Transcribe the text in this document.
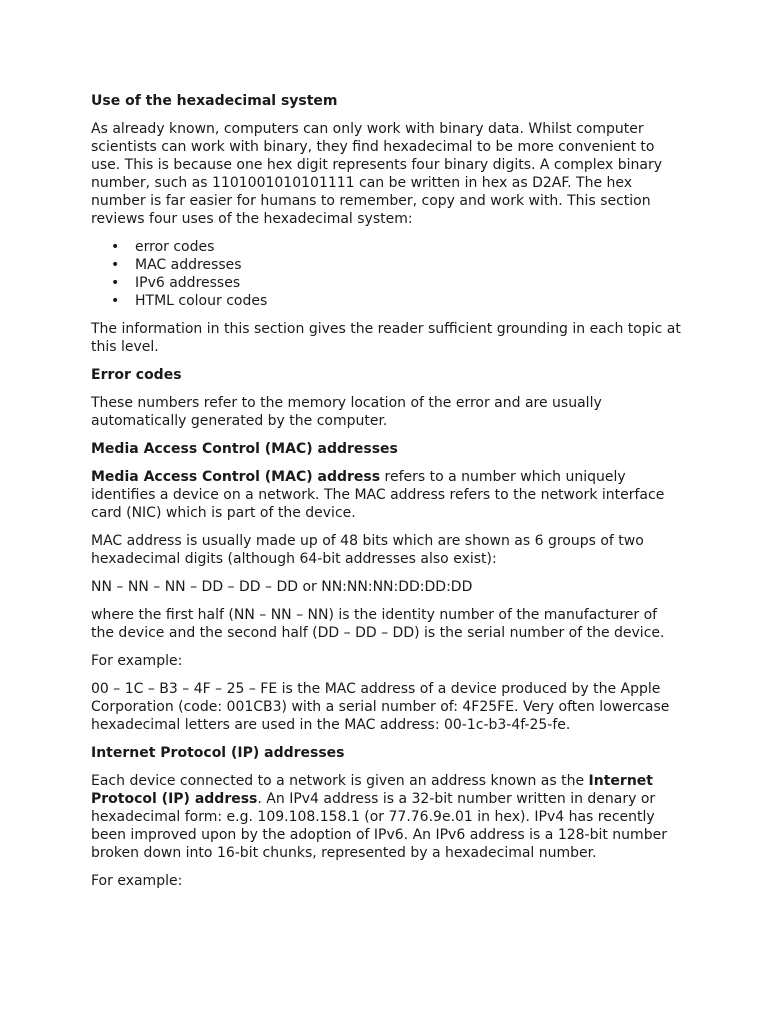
Use of the hexadecimal system

As already known, computers can only work with binary data. Whilst computer scientists can work with binary, they find hexadecimal to be more convenient to use. This is because one hex digit represents four binary digits. A complex binary number, such as 1101001010101111 can be written in hex as D2AF. The hex number is far easier for humans to remember, copy and work with. This section reviews four uses of the hexadecimal system:

• error codes
• MAC addresses
• IPv6 addresses
• HTML colour codes

The information in this section gives the reader sufficient grounding in each topic at this level.

Error codes

These numbers refer to the memory location of the error and are usually automatically generated by the computer.

Media Access Control (MAC) addresses

Media Access Control (MAC) address refers to a number which uniquely identifies a device on a network. The MAC address refers to the network interface card (NIC) which is part of the device.

MAC address is usually made up of 48 bits which are shown as 6 groups of two hexadecimal digits (although 64-bit addresses also exist):

NN – NN – NN – DD – DD – DD or NN:NN:NN:DD:DD:DD

where the first half (NN – NN – NN) is the identity number of the manufacturer of the device and the second half (DD – DD – DD) is the serial number of the device.

For example:

00 – 1C – B3 – 4F – 25 – FE is the MAC address of a device produced by the Apple Corporation (code: 001CB3) with a serial number of: 4F25FE. Very often lowercase hexadecimal letters are used in the MAC address: 00-1c-b3-4f-25-fe.

Internet Protocol (IP) addresses

Each device connected to a network is given an address known as the Internet Protocol (IP) address. An IPv4 address is a 32-bit number written in denary or hexadecimal form: e.g. 109.108.158.1 (or 77.76.9e.01 in hex). IPv4 has recently been improved upon by the adoption of IPv6. An IPv6 address is a 128-bit number broken down into 16-bit chunks, represented by a hexadecimal number.

For example:
